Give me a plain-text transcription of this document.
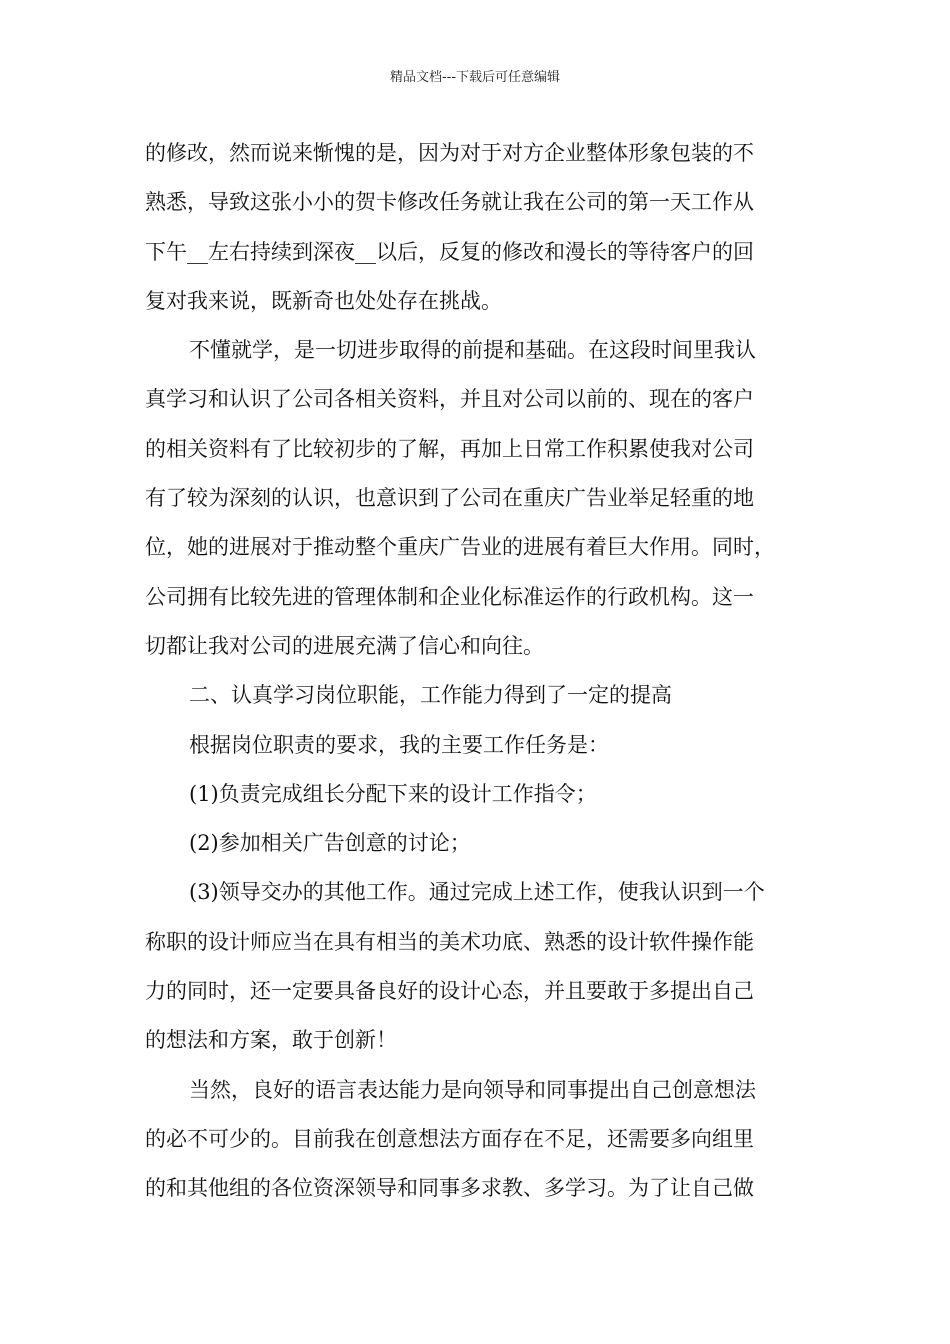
精品文档---下载后可任意编辑
的修改，然而说来惭愧的是，因为对于对方企业整体形象包装的不
熟悉，导致这张小小的贺卡修改任务就让我在公司的第一天工作从
下午__左右持续到深夜__以后，反复的修改和漫长的等待客户的回
复对我来说，既新奇也处处存在挑战。
不懂就学，是一切进步取得的前提和基础。在这段时间里我认
真学习和认识了公司各相关资料，并且对公司以前的、现在的客户
的相关资料有了比较初步的了解，再加上日常工作积累使我对公司
有了较为深刻的认识，也意识到了公司在重庆广告业举足轻重的地
位，她的进展对于推动整个重庆广告业的进展有着巨大作用。同时，
公司拥有比较先进的管理体制和企业化标准运作的行政机构。这一
切都让我对公司的进展充满了信心和向往。
二、认真学习岗位职能，工作能力得到了一定的提高
根据岗位职责的要求，我的主要工作任务是：
(1)负责完成组长分配下来的设计工作指令；
(2)参加相关广告创意的讨论；
(3)领导交办的其他工作。通过完成上述工作，使我认识到一个
称职的设计师应当在具有相当的美术功底、熟悉的设计软件操作能
力的同时，还一定要具备良好的设计心态，并且要敢于多提出自己
的想法和方案，敢于创新！
当然，良好的语言表达能力是向领导和同事提出自己创意想法
的必不可少的。目前我在创意想法方面存在不足，还需要多向组里
的和其他组的各位资深领导和同事多求教、多学习。为了让自己做
